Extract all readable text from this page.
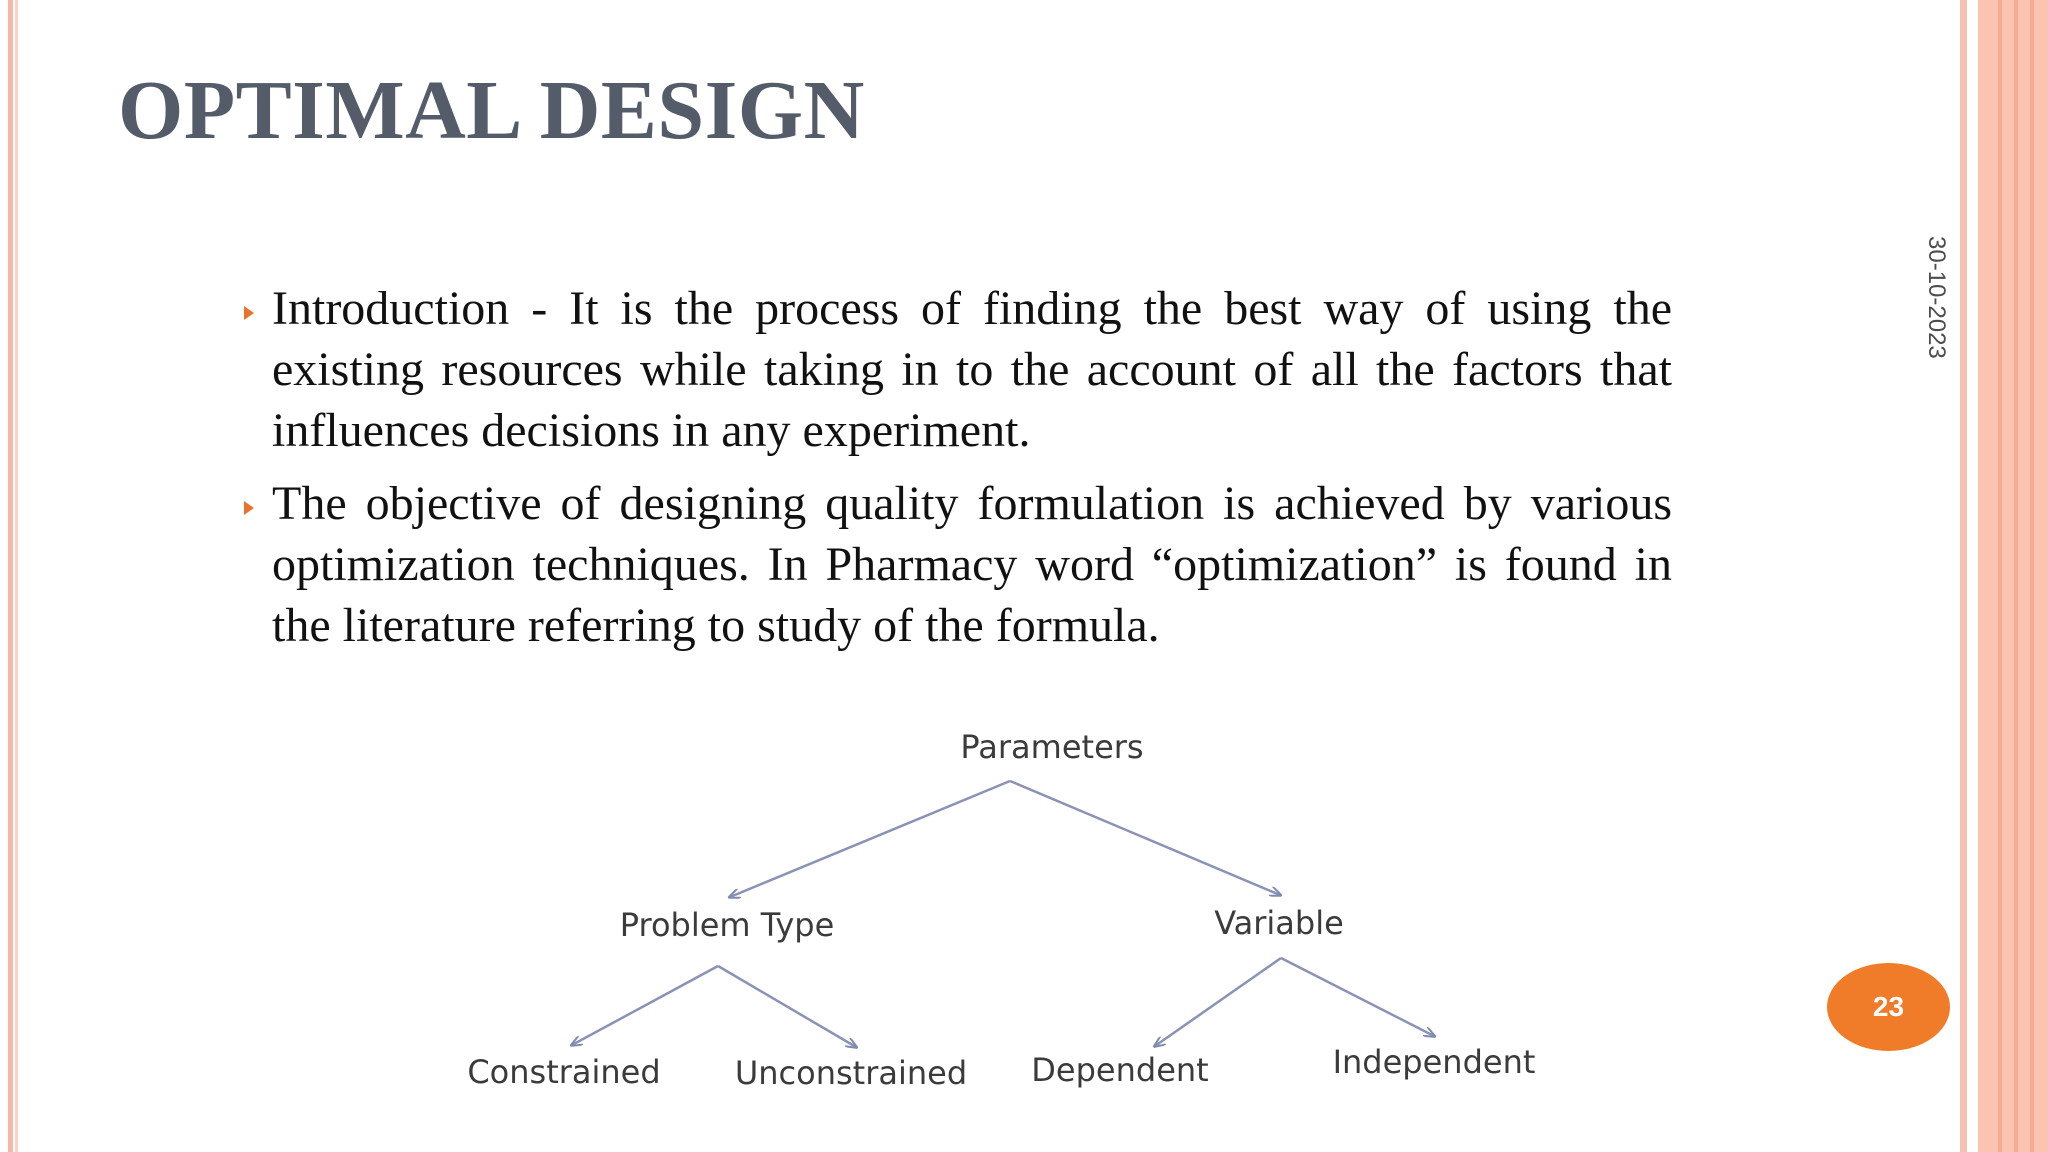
OPTIMAL DESIGN
30-10-2023
Introduction - It is the process of finding the best way of using the existing resources while taking in to the account of all the factors that influences decisions in any experiment.
The objective of designing quality formulation is achieved by various optimization techniques. In Pharmacy word “optimization” is found in the literature referring to study of the formula.
Parameters
Problem Type	Variable
Constrained Unconstrained Dependent	Independent
23
